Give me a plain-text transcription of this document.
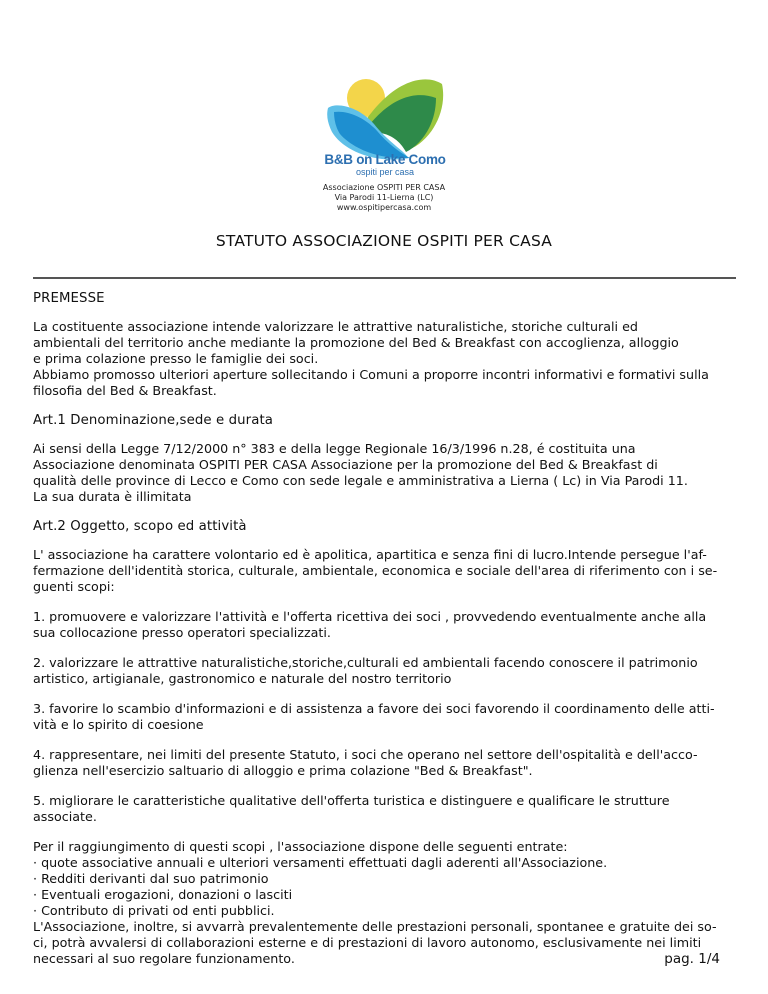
B&B on Lake Como
ospiti per casa
Associazione OSPITI PER CASA
Via Parodi 11-Lierna (LC)
www.ospitipercasa.com
STATUTO ASSOCIAZIONE OSPITI PER CASA
PREMESSE

La costituente associazione intende valorizzare le attrattive naturalistiche, storiche culturali ed
ambientali del territorio anche mediante la promozione del Bed & Breakfast con accoglienza, alloggio
e prima colazione presso le famiglie dei soci.
Abbiamo promosso ulteriori aperture sollecitando i Comuni a proporre incontri informativi e formativi sulla
filosofia del Bed & Breakfast.

Art.1 Denominazione,sede e durata

Ai sensi della Legge 7/12/2000 n° 383 e della legge Regionale 16/3/1996 n.28, é costituita una
Associazione denominata OSPITI PER CASA Associazione per la promozione del Bed & Breakfast di
qualità delle province di Lecco e Como con sede legale e amministrativa a Lierna ( Lc) in Via Parodi 11.
La sua durata è illimitata

Art.2 Oggetto, scopo ed attività

L' associazione ha carattere volontario ed è apolitica, apartitica e senza fini di lucro.Intende persegue l'af-
fermazione dell'identità storica, culturale, ambientale, economica e sociale dell'area di riferimento con i se-
guenti scopi:

1. promuovere e valorizzare l'attività e l'offerta ricettiva dei soci , provvedendo eventualmente anche alla
sua collocazione presso operatori specializzati.

2. valorizzare le attrattive naturalistiche,storiche,culturali ed ambientali facendo conoscere il patrimonio
artistico, artigianale, gastronomico e naturale del nostro territorio

3. favorire lo scambio d'informazioni e di assistenza a favore dei soci favorendo il coordinamento delle atti-
vità e lo spirito di coesione

4. rappresentare, nei limiti del presente Statuto, i soci che operano nel settore dell'ospitalità e dell'acco-
glienza nell'esercizio saltuario di alloggio e prima colazione "Bed & Breakfast".

5. migliorare le caratteristiche qualitative dell'offerta turistica e distinguere e qualificare le strutture
associate.

Per il raggiungimento di questi scopi , l'associazione dispone delle seguenti entrate:
· quote associative annuali e ulteriori versamenti effettuati dagli aderenti all'Associazione.
· Redditi derivanti dal suo patrimonio
· Eventuali erogazioni, donazioni o lasciti
· Contributo di privati od enti pubblici.
L'Associazione, inoltre, si avvarrà prevalentemente delle prestazioni personali, spontanee e gratuite dei so-
ci, potrà avvalersi di collaborazioni esterne e di prestazioni di lavoro autonomo, esclusivamente nei limiti
necessari al suo regolare funzionamento.	pag. 1/4
